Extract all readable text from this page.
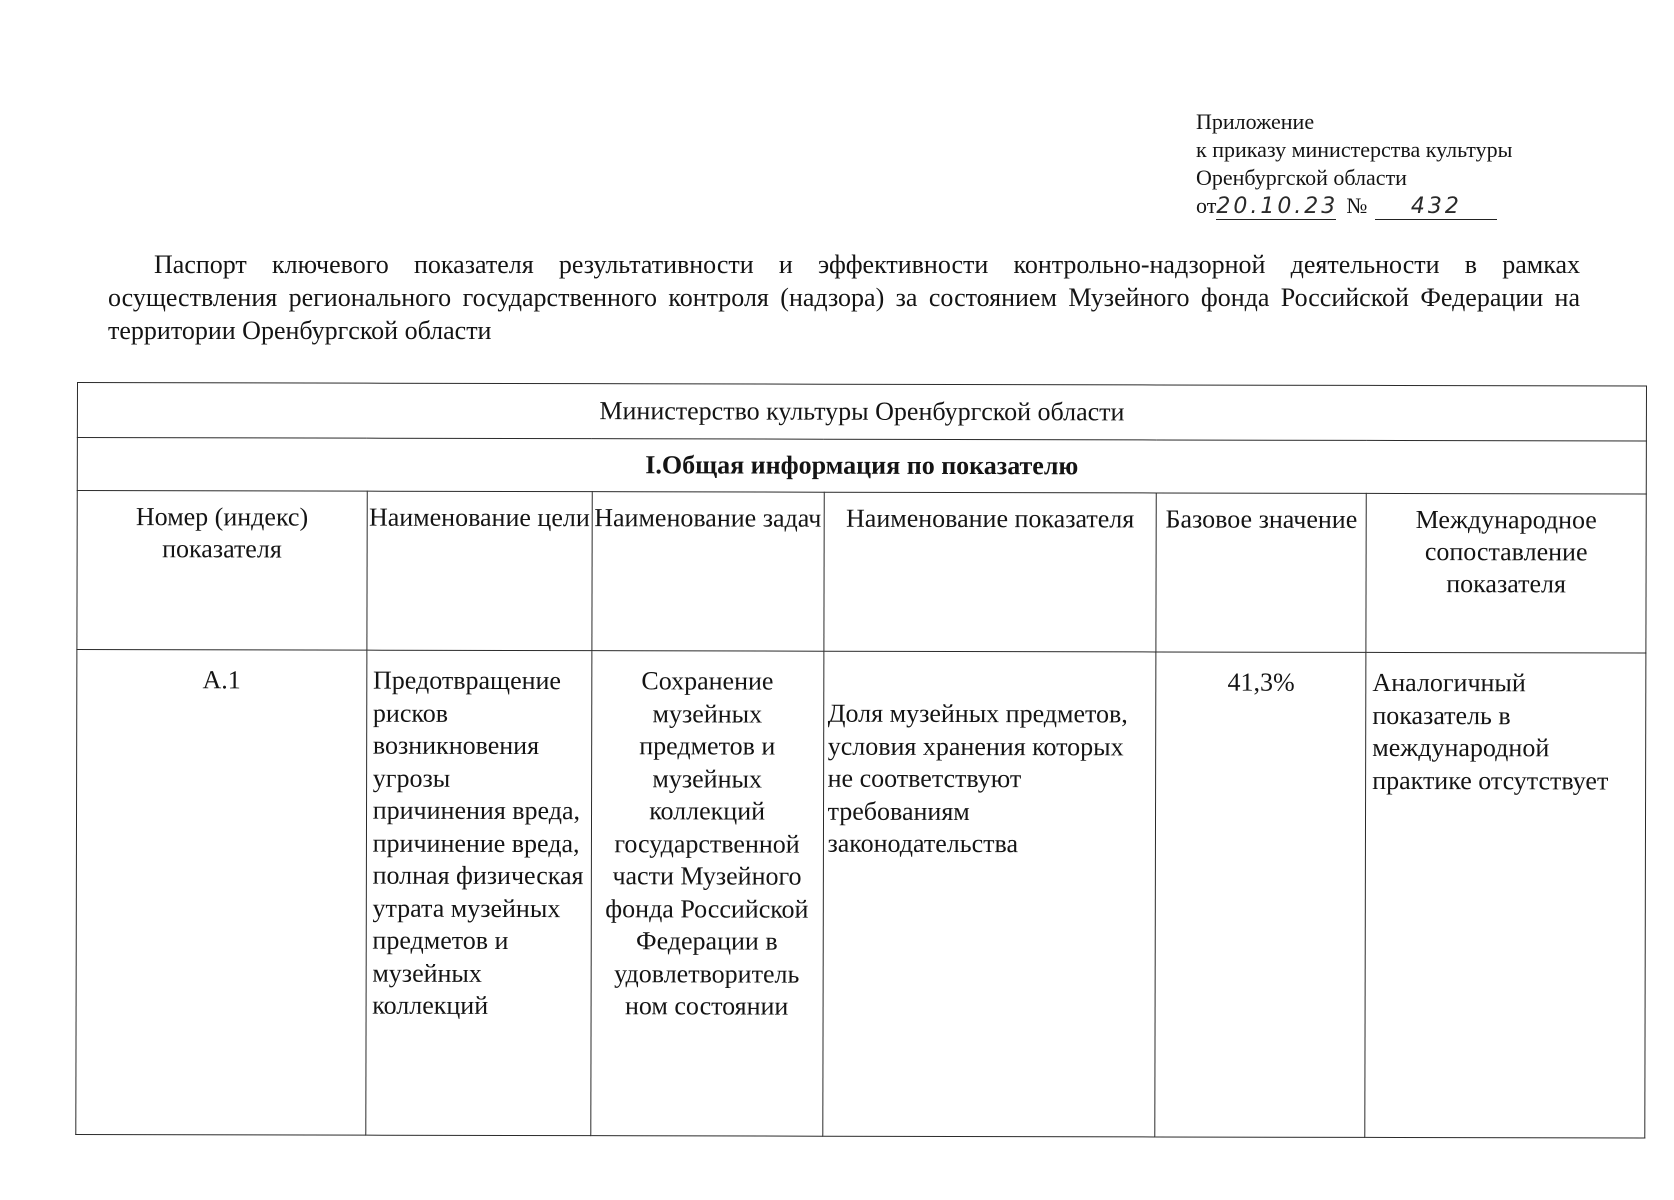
Приложение
к приказу министерства культуры
Оренбургской области
от20.10.23 № 432
Паспорт ключевого показателя результативности и эффективности контрольно-надзорной деятельности в рамках осуществления регионального государственного контроля (надзора) за состоянием Музейного фонда Российской Федерации на территории Оренбургской области
Министерство культуры Оренбургской области					
I.Общая информация по показателю					
Номер (индекс) показателя	Наименование цели	Наименование задач	Наименование показателя	Базовое значение	Международное сопоставление показателя
А.1	Предотвращение рисков возникновения угрозы причинения вреда, причинение вреда, полная физическая утрата музейных предметов и музейных коллекций	Сохранение музейных предметов и музейных коллекций государственной части Музейного фонда Российской Федерации в удовлетворитель ном состоянии	Доля музейных предметов, условия хранения которых не соответствуют требованиям законодательства	41,3%	Аналогичный показатель в международной практике отсутствует
